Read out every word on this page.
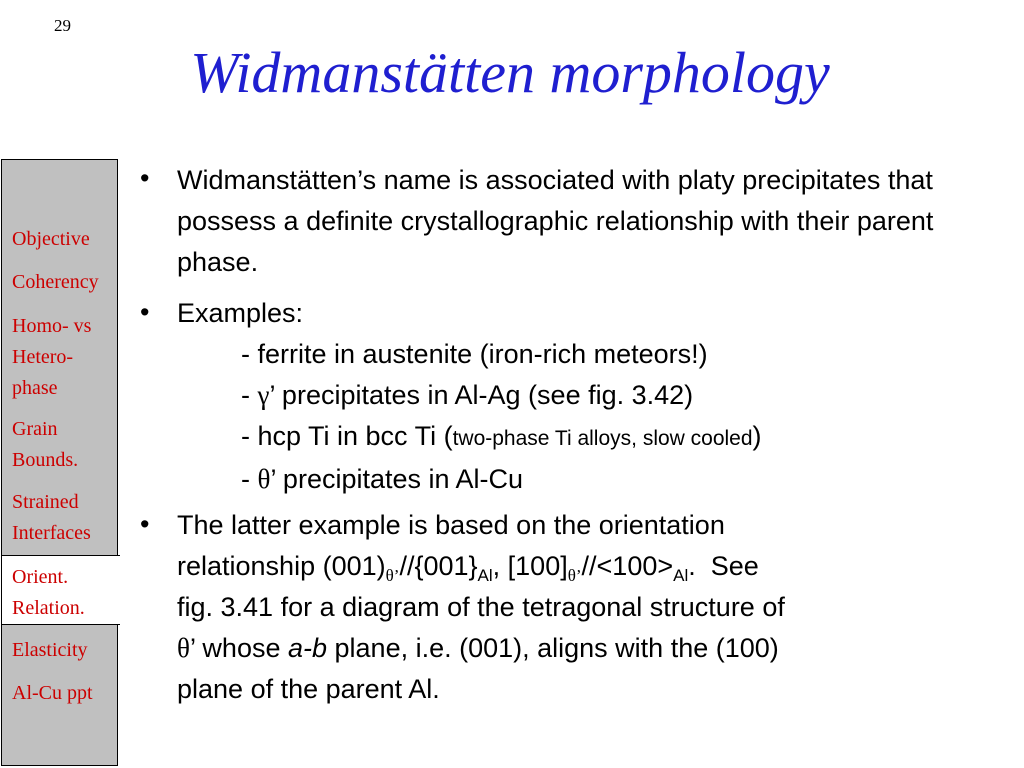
29
Widmanstätten morphology
Objective
Coherency
Homo- vs
Hetero-
phase
Grain
Bounds.
Strained
Interfaces
Orient.
Relation.
Elasticity
Al-Cu ppt
• Widmanstätten’s name is associated with platy precipitates that possess a definite crystallographic relationship with their parent phase.
• Examples:
- ferrite in austenite (iron-rich meteors!)
- γ’ precipitates in Al-Ag (see fig. 3.42)
- hcp Ti in bcc Ti (two-phase Ti alloys, slow cooled)
- θ’ precipitates in Al-Cu
• The latter example is based on the orientation
relationship $(001)_{\theta’}//\{001\}_{Al}$, $[100]_{\theta’}//<100>_{Al}$.  See
fig. 3.41 for a diagram of the tetragonal structure of
θ’ whose a-b plane, i.e. (001), aligns with the (100)
plane of the parent Al.
